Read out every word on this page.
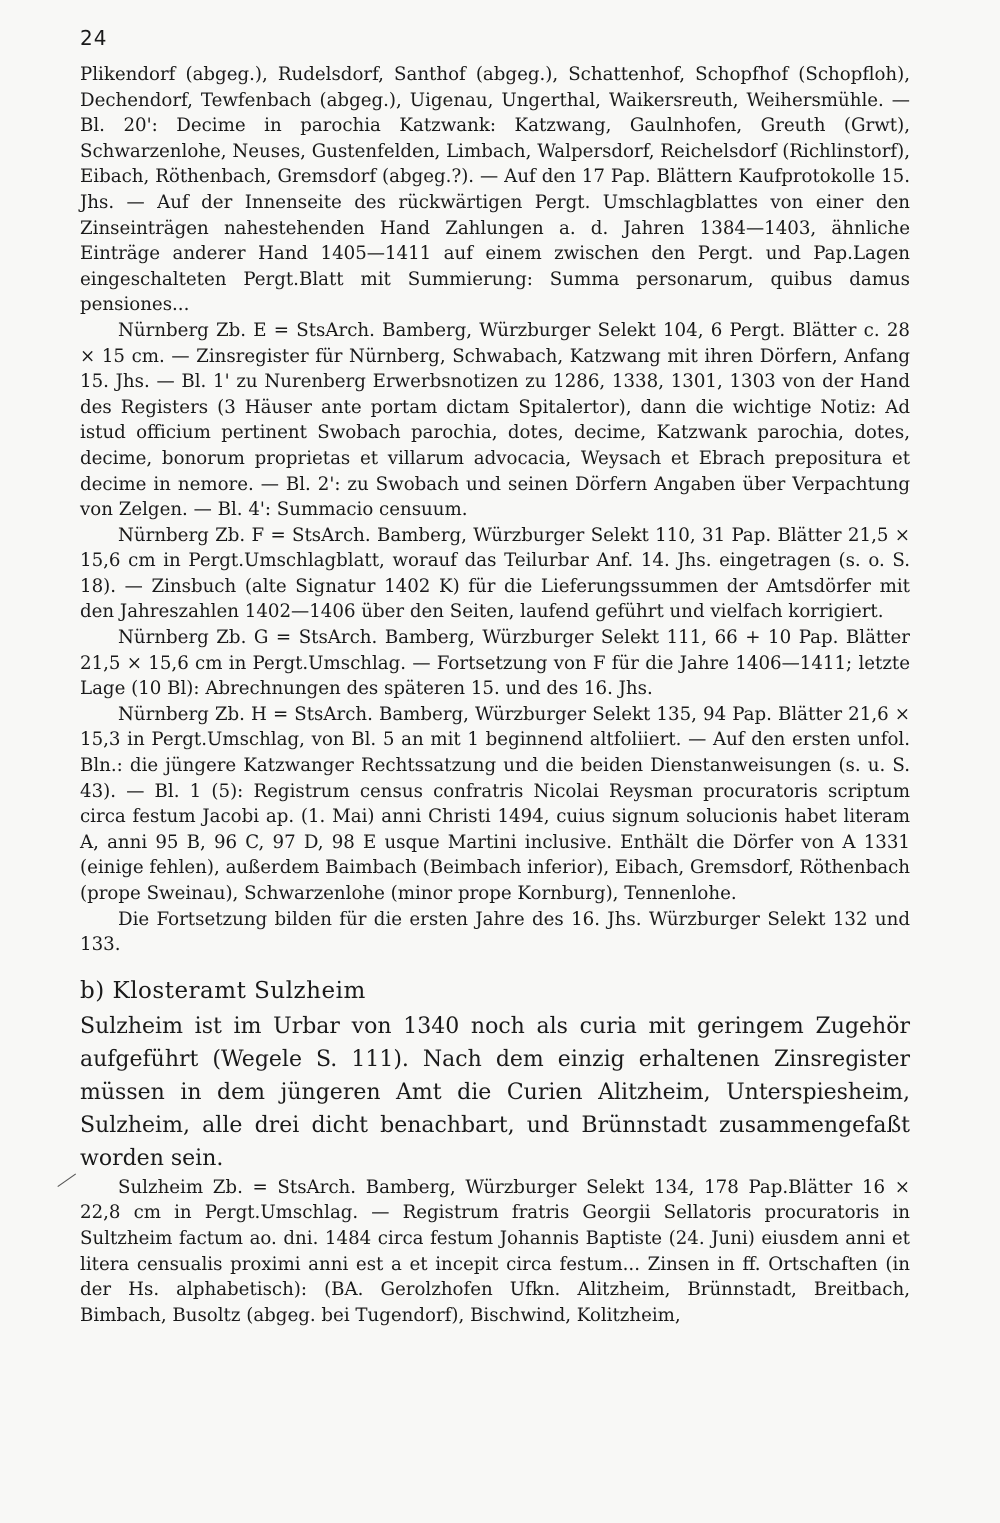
24

Plikendorf (abgeg.), Rudelsdorf, Santhof (abgeg.), Schattenhof, Schopfhof (Schopfloh), Dechendorf, Tewfenbach (abgeg.), Uigenau, Ungerthal, Waikersreuth, Weihersmühle. — Bl. 20': Decime in parochia Katzwank: Katzwang, Gaulnhofen, Greuth (Grwt), Schwarzenlohe, Neuses, Gustenfelden, Limbach, Walpersdorf, Reichelsdorf (Richlinstorf), Eibach, Röthenbach, Gremsdorf (abgeg.?). — Auf den 17 Pap. Blättern Kaufprotokolle 15. Jhs. — Auf der Innenseite des rückwärtigen Pergt. Umschlagblattes von einer den Zinseinträgen nahestehenden Hand Zahlungen a. d. Jahren 1384—1403, ähnliche Einträge anderer Hand 1405—1411 auf einem zwischen den Pergt. und Pap.Lagen eingeschalteten Pergt.Blatt mit Summierung: Summa personarum, quibus damus pensiones...

Nürnberg Zb. E = StsArch. Bamberg, Würzburger Selekt 104, 6 Pergt. Blätter c. 28 × 15 cm. — Zinsregister für Nürnberg, Schwabach, Katzwang mit ihren Dörfern, Anfang 15. Jhs. — Bl. 1' zu Nurenberg Erwerbsnotizen zu 1286, 1338, 1301, 1303 von der Hand des Registers (3 Häuser ante portam dictam Spitalertor), dann die wichtige Notiz: Ad istud officium pertinent Swobach parochia, dotes, decime, Katzwank parochia, dotes, decime, bonorum proprietas et villarum advocacia, Weysach et Ebrach prepositura et decime in nemore. — Bl. 2': zu Swobach und seinen Dörfern Angaben über Verpachtung von Zelgen. — Bl. 4': Summacio censuum.

Nürnberg Zb. F = StsArch. Bamberg, Würzburger Selekt 110, 31 Pap. Blätter 21,5 × 15,6 cm in Pergt.Umschlagblatt, worauf das Teilurbar Anf. 14. Jhs. eingetragen (s. o. S. 18). — Zinsbuch (alte Signatur 1402 K) für die Lieferungssummen der Amtsdörfer mit den Jahreszahlen 1402—1406 über den Seiten, laufend geführt und vielfach korrigiert.

Nürnberg Zb. G = StsArch. Bamberg, Würzburger Selekt 111, 66 + 10 Pap. Blätter 21,5 × 15,6 cm in Pergt.Umschlag. — Fortsetzung von F für die Jahre 1406—1411; letzte Lage (10 Bl): Abrechnungen des späteren 15. und des 16. Jhs.

Nürnberg Zb. H = StsArch. Bamberg, Würzburger Selekt 135, 94 Pap. Blätter 21,6 × 15,3 in Pergt.Umschlag, von Bl. 5 an mit 1 beginnend altfoliiert. — Auf den ersten unfol. Bln.: die jüngere Katzwanger Rechtssatzung und die beiden Dienstanweisungen (s. u. S. 43). — Bl. 1 (5): Registrum census confratris Nicolai Reysman procuratoris scriptum circa festum Jacobi ap. (1. Mai) anni Christi 1494, cuius signum solucionis habet literam A, anni 95 B, 96 C, 97 D, 98 E usque Martini inclusive. Enthält die Dörfer von A 1331 (einige fehlen), außerdem Baimbach (Beimbach inferior), Eibach, Gremsdorf, Röthenbach (prope Sweinau), Schwarzenlohe (minor prope Kornburg), Tennenlohe.

Die Fortsetzung bilden für die ersten Jahre des 16. Jhs. Würzburger Selekt 132 und 133.

b) Klosteramt Sulzheim

Sulzheim ist im Urbar von 1340 noch als curia mit geringem Zugehör aufgeführt (Wegele S. 111). Nach dem einzig erhaltenen Zinsregister müssen in dem jüngeren Amt die Curien Alitzheim, Unterspiesheim, Sulzheim, alle drei dicht benachbart, und Brünnstadt zusammengefaßt worden sein.

Sulzheim Zb. = StsArch. Bamberg, Würzburger Selekt 134, 178 Pap.Blätter 16 × 22,8 cm in Pergt.Umschlag. — Registrum fratris Georgii Sellatoris procuratoris in Sultzheim factum ao. dni. 1484 circa festum Johannis Baptiste (24. Juni) eiusdem anni et litera censualis proximi anni est a et incepit circa festum... Zinsen in ff. Ortschaften (in der Hs. alphabetisch): (BA. Gerolzhofen Ufkn. Alitzheim, Brünnstadt, Breitbach, Bimbach, Busoltz (abgeg. bei Tugendorf), Bischwind, Kolitzheim,
